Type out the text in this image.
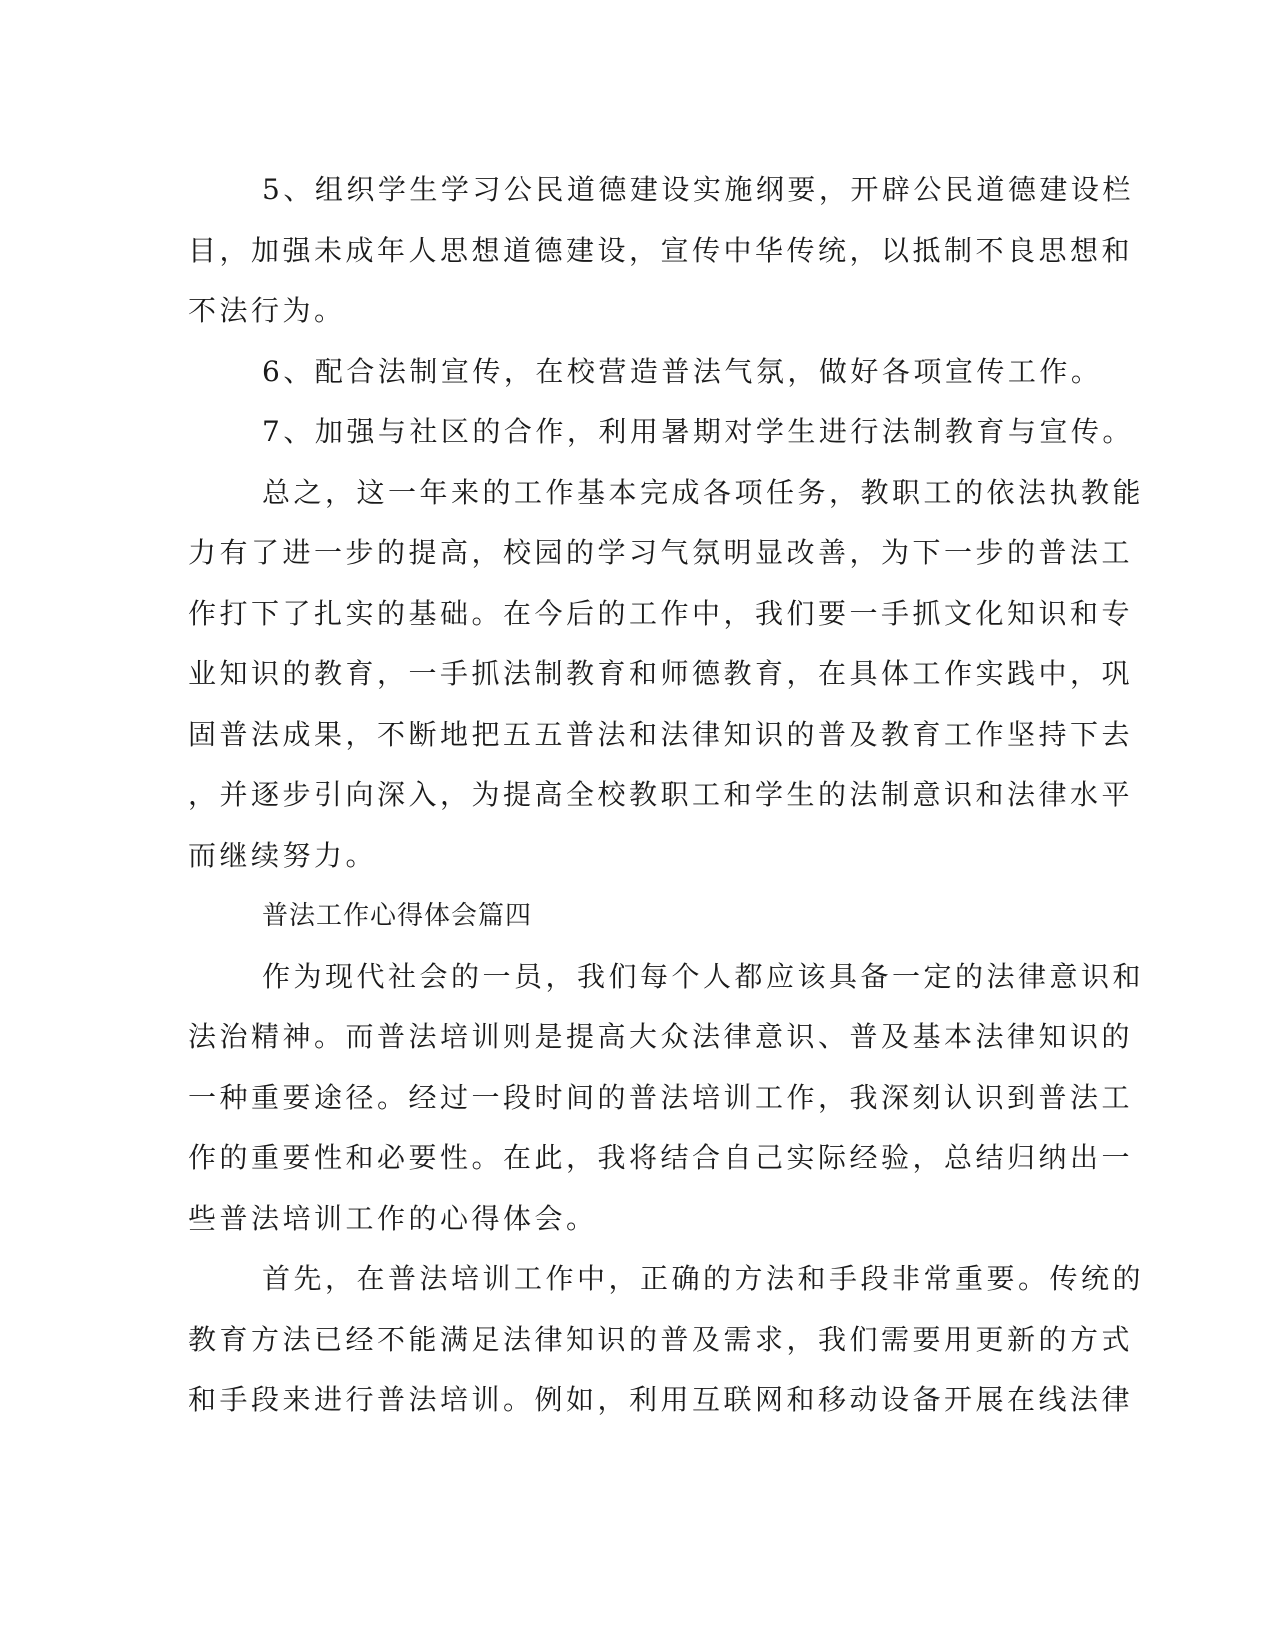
5、组织学生学习公民道德建设实施纲要，开辟公民道德建设栏
目，加强未成年人思想道德建设，宣传中华传统，以抵制不良思想和
不法行为。
6、配合法制宣传，在校营造普法气氛，做好各项宣传工作。
7、加强与社区的合作，利用暑期对学生进行法制教育与宣传。
总之，这一年来的工作基本完成各项任务，教职工的依法执教能
力有了进一步的提高，校园的学习气氛明显改善，为下一步的普法工
作打下了扎实的基础。在今后的工作中，我们要一手抓文化知识和专
业知识的教育，一手抓法制教育和师德教育，在具体工作实践中，巩
固普法成果，不断地把五五普法和法律知识的普及教育工作坚持下去
，并逐步引向深入，为提高全校教职工和学生的法制意识和法律水平
而继续努力。
普法工作心得体会篇四
作为现代社会的一员，我们每个人都应该具备一定的法律意识和
法治精神。而普法培训则是提高大众法律意识、普及基本法律知识的
一种重要途径。经过一段时间的普法培训工作，我深刻认识到普法工
作的重要性和必要性。在此，我将结合自己实际经验，总结归纳出一
些普法培训工作的心得体会。
首先，在普法培训工作中，正确的方法和手段非常重要。传统的
教育方法已经不能满足法律知识的普及需求，我们需要用更新的方式
和手段来进行普法培训。例如，利用互联网和移动设备开展在线法律
